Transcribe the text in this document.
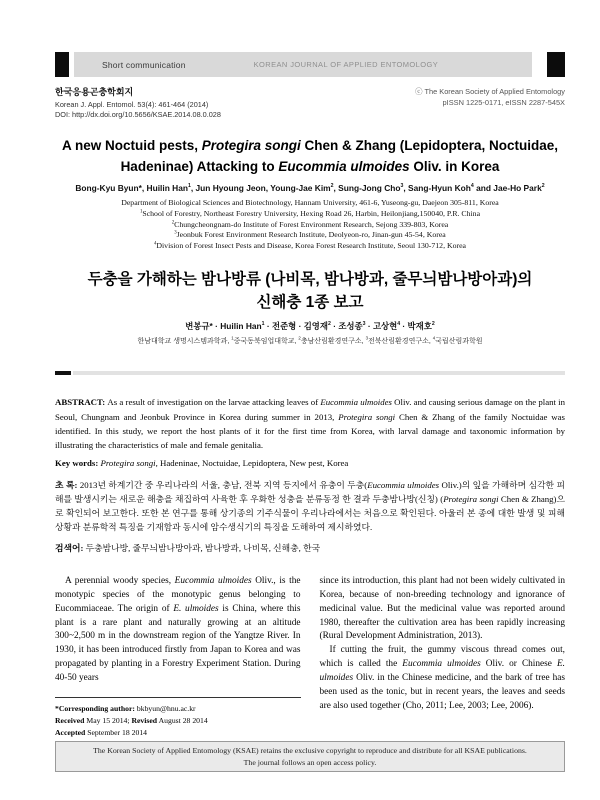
Short communication	KOREAN JOURNAL OF APPLIED ENTOMOLOGY
한국응용곤충학회지
Korean J. Appl. Entomol. 53(4): 461-464 (2014)
DOI: http://dx.doi.org/10.5656/KSAE.2014.08.0.028
ⓒ The Korean Society of Applied Entomology
pISSN 1225-0171, eISSN 2287-545X
A new Noctuid pests, Protegira songi Chen & Zhang (Lepidoptera, Noctuidae,
Hadeninae) Attacking to Eucommia ulmoides Oliv. in Korea
Bong-Kyu Byun*, Huilin Han$^1$, Jun Hyoung Jeon, Young-Jae Kim$^2$, Sung-Jong Cho$^3$, Sang-Hyun Koh$^4$ and Jae-Ho Park$^2$
Department of Biological Sciences and Biotechnology, Hannam University, 461-6, Yuseong-gu, Daejeon 305-811, Korea
$^1$School of Forestry, Northeast Forestry University, Hexing Road 26, Harbin, Heilonjiang,150040, P.R. China
$^2$Chungcheongnam-do Institute of Forest Environment Research, Sejong 339-803, Korea
$^3$Jeonbuk Forest Environment Research Institute, Deolyeon-ro, Jinan-gun 45-54, Korea
$^4$Division of Forest Insect Pests and Disease, Korea Forest Research Institute, Seoul 130-712, Korea
두충을 가해하는 밤나방류 (나비목, 밤나방과, 줄무늬밤나방아과)의
신해충 1종 보고
변봉규* · Huilin Han$^1$ · 전준형 · 김영재$^2$ · 조성종$^3$ · 고상현$^4$ · 박재호$^2$
한남대학교 생명시스템과학과, $^1$중국동북임업대학교, $^2$충남산림환경연구소, $^3$전북산림환경연구소, $^4$국립산림과학원

ABSTRACT: As a result of investigation on the larvae attacking leaves of Eucommia ulmoides Oliv. and causing serious damage on the plant in Seoul, Chungnam and Jeonbuk Province in Korea during summer in 2013, Protegira songi Chen & Zhang of the family Noctuidae was identified. In this study, we report the host plants of it for the first time from Korea, with larval damage and taxonomic information by illustrating the characteristics of male and female genitalia.

Key words: Protegira songi, Hadeninae, Noctuidae, Lepidoptera, New pest, Korea

초 록: 2013년 하계기간 중 우리나라의 서울, 충남, 전북 지역 등지에서 유충이 두충(Eucommia ulmoides Oliv.)의 잎을 가해하며 심각한 피해를 발생시키는 새로운 해충을 채집하여 사육한 후 우화한 성충을 분류동정 한 결과 두충밤나방(신칭) (Protegira songi Chen & Zhang)으로 확인되어 보고한다. 또한 본 연구를 통해 상기종의 기주식물이 우리나라에서는 처음으로 확인된다. 아울러 본 종에 대한 발생 및 피해상황과 분류학적 특징을 기재함과 동시에 암수생식기의 특징을 도해하여 제시하였다.

검색어: 두충밤나방, 줄무늬밤나방아과, 밤나방과, 나비목, 신해충, 한국

A perennial woody species, Eucommia ulmoides Oliv., is the monotypic species of the monotypic genus belonging to Eucommiaceae. The origin of E. ulmoides is China, where this plant is a rare plant and naturally growing at an altitude 300~2,500 m in the downstream region of the Yangtze River. In 1930, it has been introduced firstly from Japan to Korea and was propagated by planting in a Forestry Experiment Station. During 40-50 years

*Corresponding author: bkbyun@hnu.ac.kr
Received May 15 2014; Revised August 28 2014
Accepted September 18 2014

since its introduction, this plant had not been widely cultivated in Korea, because of non-breeding technology and ignorance of medicinal value. But the medicinal value was reported around 1980, thereafter the cultivation area has been rapidly increasing (Rural Development Administration, 2013).

If cutting the fruit, the gummy viscous thread comes out, which is called the Eucommia ulmoides Oliv. or Chinese E. ulmoides Oliv. in the Chinese medicine, and the bark of tree has been used as the tonic, but in recent years, the leaves and seeds are also used together (Cho, 2011; Lee, 2003; Lee, 2006).

The Korean Society of Applied Entomology (KSAE) retains the exclusive copyright to reproduce and distribute for all KSAE publications.
The journal follows an open access policy.
